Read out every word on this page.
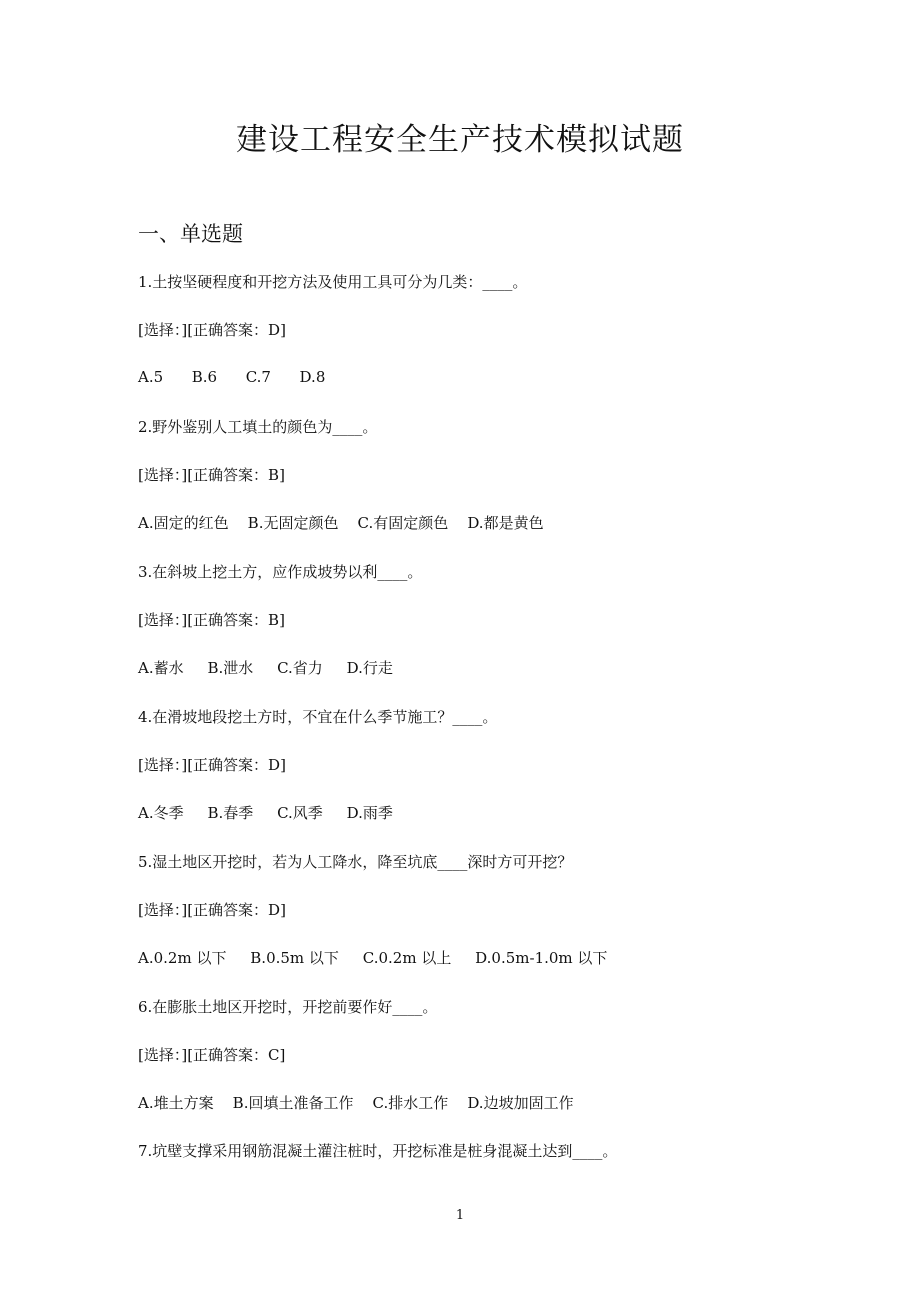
建设工程安全生产技术模拟试题
一、单选题

1.土按坚硬程度和开挖方法及使用工具可分为几类：____。

[选择：][正确答案：D]

A.5      B.6      C.7      D.8

2.野外鉴别人工填土的颜色为____。

[选择：][正确答案：B]

A.固定的红色    B.无固定颜色    C.有固定颜色    D.都是黄色

3.在斜坡上挖土方，应作成坡势以利____。

[选择：][正确答案：B]

A.蓄水     B.泄水     C.省力     D.行走

4.在滑坡地段挖土方时，不宜在什么季节施工？____。

[选择：][正确答案：D]

A.冬季     B.春季     C.风季     D.雨季

5.湿土地区开挖时，若为人工降水，降至坑底____深时方可开挖？

[选择：][正确答案：D]

A.0.2m 以下     B.0.5m 以下     C.0.2m 以上     D.0.5m-1.0m 以下

6.在膨胀土地区开挖时，开挖前要作好____。

[选择：][正确答案：C]

A.堆土方案    B.回填土准备工作    C.排水工作    D.边坡加固工作

7.坑壁支撑采用钢筋混凝土灌注桩时，开挖标准是桩身混凝土达到____。

1
